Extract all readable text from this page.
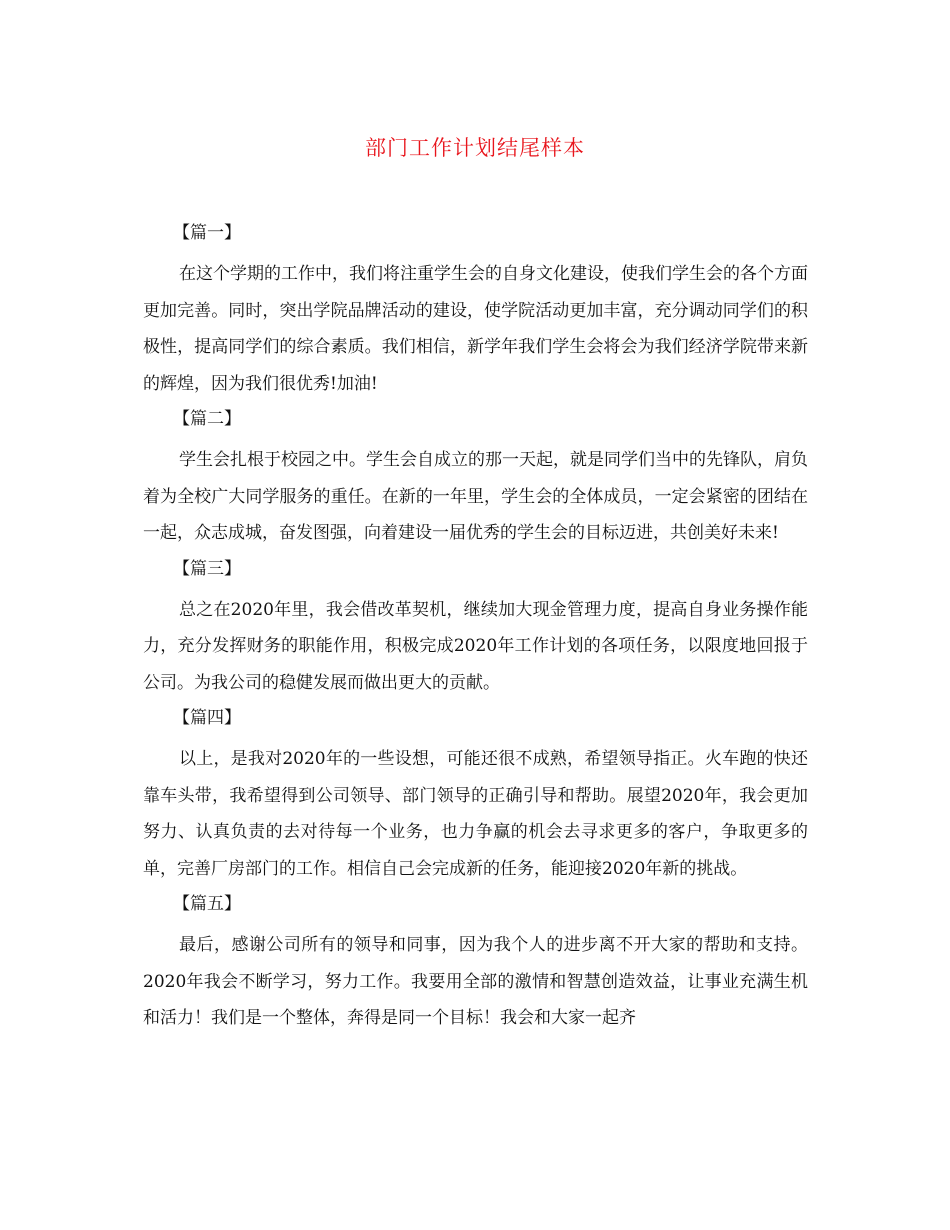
部门工作计划结尾样本

【篇一】

在这个学期的工作中，我们将注重学生会的自身文化建设，使我们学生会的各个方面更加完善。同时，突出学院品牌活动的建设，使学院活动更加丰富，充分调动同学们的积极性，提高同学们的综合素质。我们相信，新学年我们学生会将会为我们经济学院带来新的辉煌，因为我们很优秀!加油!

【篇二】

学生会扎根于校园之中。学生会自成立的那一天起，就是同学们当中的先锋队，肩负着为全校广大同学服务的重任。在新的一年里，学生会的全体成员，一定会紧密的团结在一起，众志成城，奋发图强，向着建设一届优秀的学生会的目标迈进，共创美好未来!

【篇三】

总之在2020年里，我会借改革契机，继续加大现金管理力度，提高自身业务操作能力，充分发挥财务的职能作用，积极完成2020年工作计划的各项任务，以限度地回报于公司。为我公司的稳健发展而做出更大的贡献。

【篇四】

以上，是我对2020年的一些设想，可能还很不成熟，希望领导指正。火车跑的快还靠车头带，我希望得到公司领导、部门领导的正确引导和帮助。展望2020年，我会更加努力、认真负责的去对待每一个业务，也力争赢的机会去寻求更多的客户，争取更多的单，完善厂房部门的工作。相信自己会完成新的任务，能迎接2020年新的挑战。

【篇五】

最后，感谢公司所有的领导和同事，因为我个人的进步离不开大家的帮助和支持。2020年我会不断学习，努力工作。我要用全部的激情和智慧创造效益，让事业充满生机和活力！我们是一个整体，奔得是同一个目标！我会和大家一起齐
